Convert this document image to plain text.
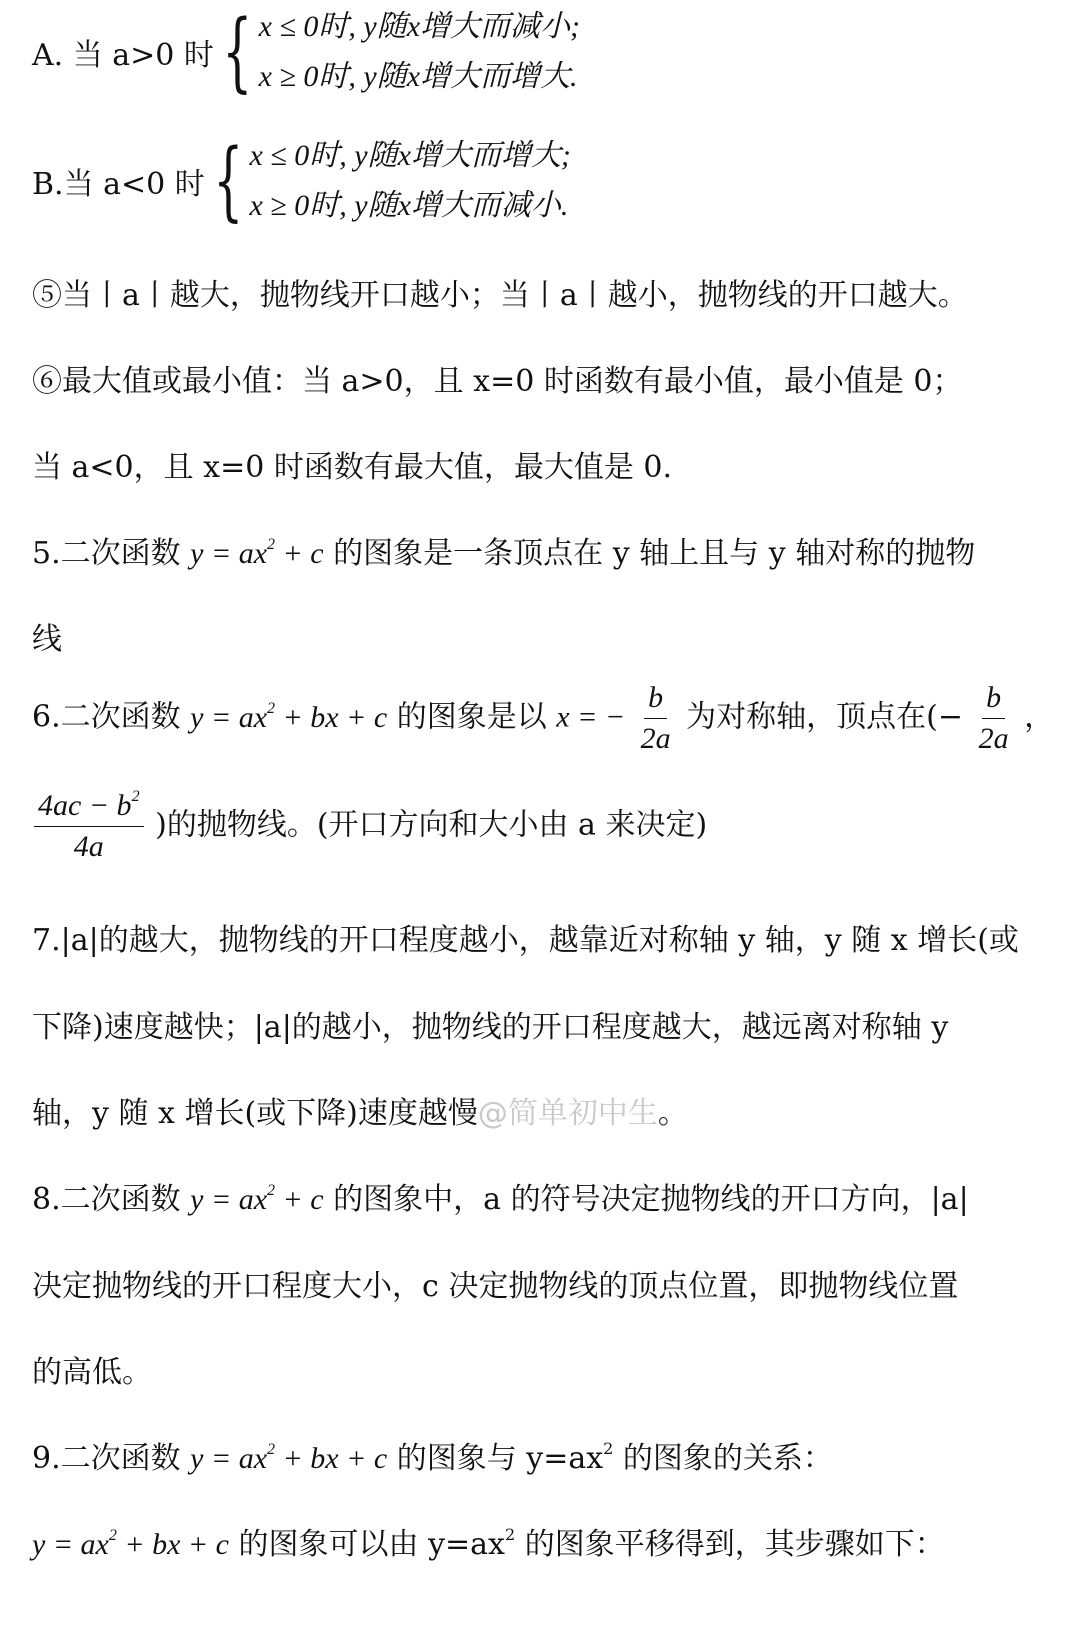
A. 当 a>0 时 { x ≤ 0时, y随x增大而减小;
x ≥ 0时, y随x增大而增大.
B.当 a<0 时 { x ≤ 0时, y随x增大而增大;
x ≥ 0时, y随x增大而减小.
⑤当丨a丨越大，抛物线开口越小；当丨a丨越小，抛物线的开口越大。
⑥最大值或最小值：当 a>0，且 x=0 时函数有最小值，最小值是 0；
当 a<0，且 x=0 时函数有最大值，最大值是 0.
5.二次函数 $y = ax^2 + c$ 的图象是一条顶点在 y 轴上且与 y 轴对称的抛物
线
6.二次函数 $y = ax^2$ + bx + c 的图象是以 x = − $\frac{b}{2a}$ 为对称轴，顶点在(− $\frac{b}{2a}$ ，
$\frac{4ac - b^2}{4a}$ )的抛物线。(开口方向和大小由 a 来决定)
7.|a|的越大，抛物线的开口程度越小，越靠近对称轴 y 轴，y 随 x 增长(或
下降)速度越快；|a|的越小，抛物线的开口程度越大，越远离对称轴 y
轴，y 随 x 增长(或下降)速度越慢@简单初中生。
8.二次函数 $y = ax^2 + c$ 的图象中，a 的符号决定抛物线的开口方向，|a|
决定抛物线的开口程度大小，c 决定抛物线的顶点位置，即抛物线位置
的高低。
9.二次函数 $y = ax^2$ + bx + c 的图象与 $y=ax^2$ 的图象的关系：
$y = ax^2$ + bx + c 的图象可以由 $y=ax^2$ 的图象平移得到，其步骤如下：
